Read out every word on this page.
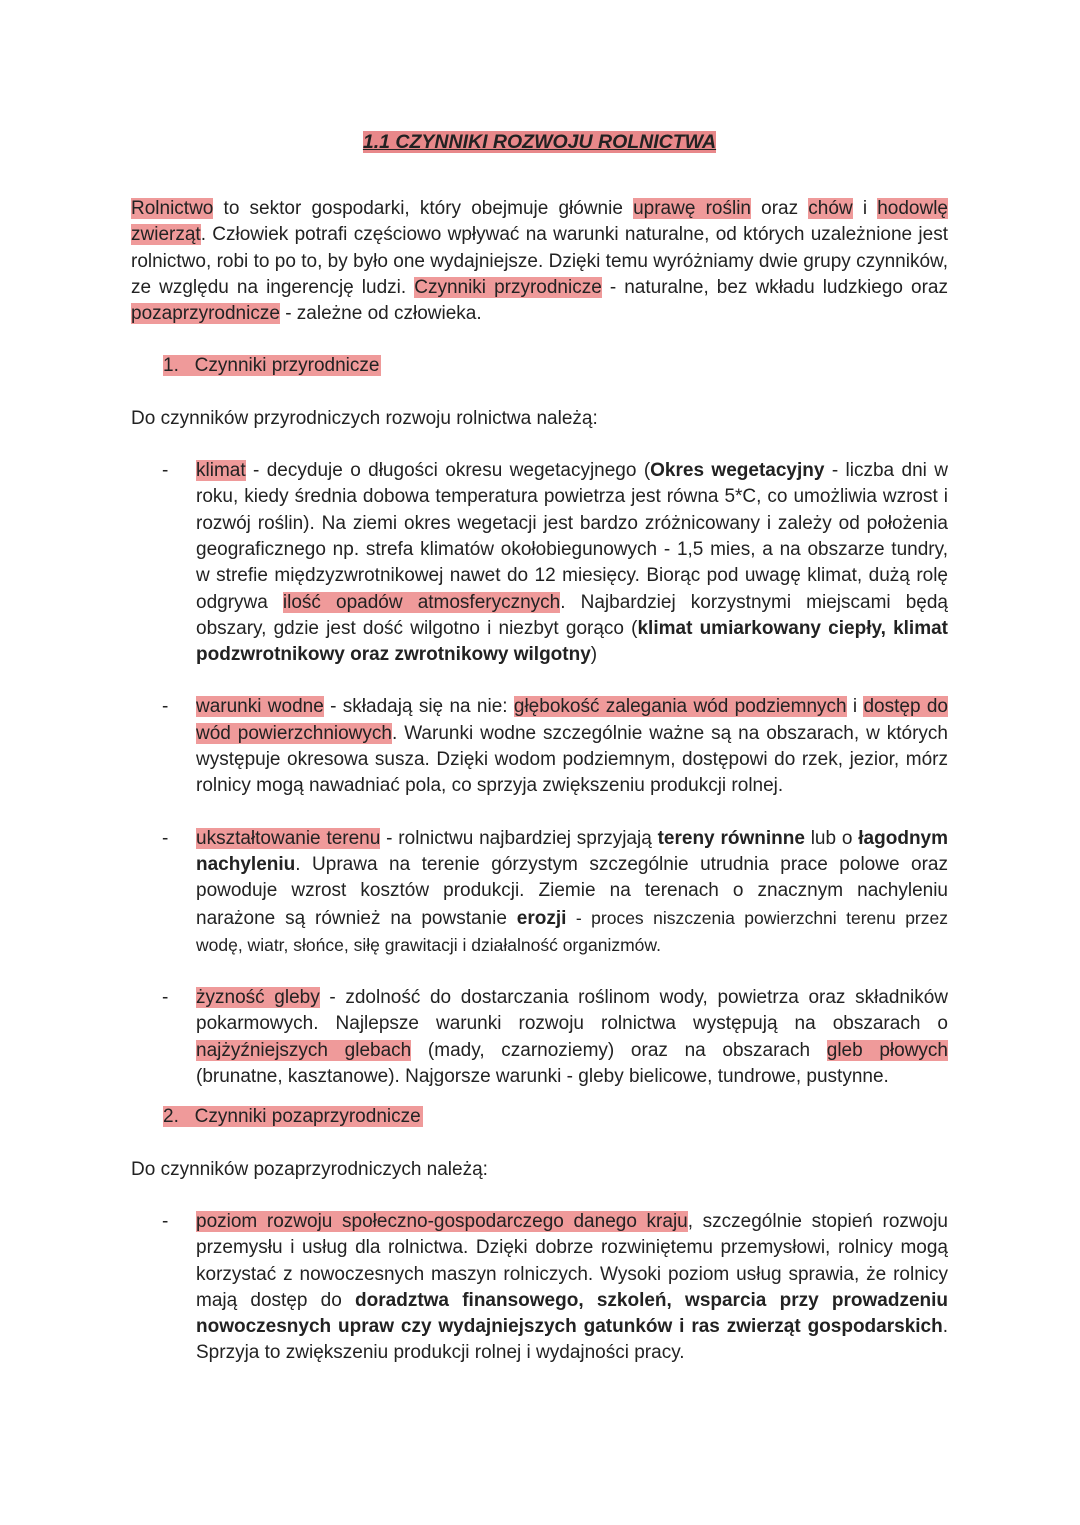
1.1 CZYNNIKI ROZWOJU ROLNICTWA

Rolnictwo to sektor gospodarki, który obejmuje głównie uprawę roślin oraz chów i hodowlę zwierząt. Człowiek potrafi częściowo wpływać na warunki naturalne, od których uzależnione jest rolnictwo, robi to po to, by było one wydajniejsze. Dzięki temu wyróżniamy dwie grupy czynników, ze względu na ingerencję ludzi. Czynniki przyrodnicze - naturalne, bez wkładu ludzkiego oraz pozaprzyrodnicze - zależne od człowieka.

1.   Czynniki przyrodnicze

Do czynników przyrodniczych rozwoju rolnictwa należą:

- klimat - decyduje o długości okresu wegetacyjnego (Okres wegetacyjny - liczba dni w roku, kiedy średnia dobowa temperatura powietrza jest równa 5*C, co umożliwia wzrost i rozwój roślin). Na ziemi okres wegetacji jest bardzo zróżnicowany i zależy od położenia geograficznego np. strefa klimatów okołobiegunowych - 1,5 mies, a na obszarze tundry, w strefie międzyzwrotnikowej nawet do 12 miesięcy. Biorąc pod uwagę klimat, dużą rolę odgrywa ilość opadów atmosferycznych. Najbardziej korzystnymi miejscami będą obszary, gdzie jest dość wilgotno i niezbyt gorąco (klimat umiarkowany ciepły, klimat podzwrotnikowy oraz zwrotnikowy wilgotny)
- warunki wodne - składają się na nie: głębokość zalegania wód podziemnych i dostęp do wód powierzchniowych. Warunki wodne szczególnie ważne są na obszarach, w których występuje okresowa susza. Dzięki wodom podziemnym, dostępowi do rzek, jezior, mórz rolnicy mogą nawadniać pola, co sprzyja zwiększeniu produkcji rolnej.
- ukształtowanie terenu - rolnictwu najbardziej sprzyjają tereny równinne lub o łagodnym nachyleniu. Uprawa na terenie górzystym szczególnie utrudnia prace polowe oraz powoduje wzrost kosztów produkcji. Ziemie na terenach o znacznym nachyleniu narażone są również na powstanie erozji - proces niszczenia powierzchni terenu przez wodę, wiatr, słońce, siłę grawitacji i działalność organizmów.
- żyzność gleby - zdolność do dostarczania roślinom wody, powietrza oraz składników pokarmowych. Najlepsze warunki rozwoju rolnictwa występują na obszarach o najżyźniejszych glebach (mady, czarnoziemy) oraz na obszarach gleb płowych (brunatne, kasztanowe). Najgorsze warunki - gleby bielicowe, tundrowe, pustynne.

2.   Czynniki pozaprzyrodnicze

Do czynników pozaprzyrodniczych należą:

- poziom rozwoju społeczno-gospodarczego danego kraju, szczególnie stopień rozwoju przemysłu i usług dla rolnictwa. Dzięki dobrze rozwiniętemu przemysłowi, rolnicy mogą korzystać z nowoczesnych maszyn rolniczych. Wysoki poziom usług sprawia, że rolnicy mają dostęp do doradztwa finansowego, szkoleń, wsparcia przy prowadzeniu nowoczesnych upraw czy wydajniejszych gatunków i ras zwierząt gospodarskich. Sprzyja to zwiększeniu produkcji rolnej i wydajności pracy.
